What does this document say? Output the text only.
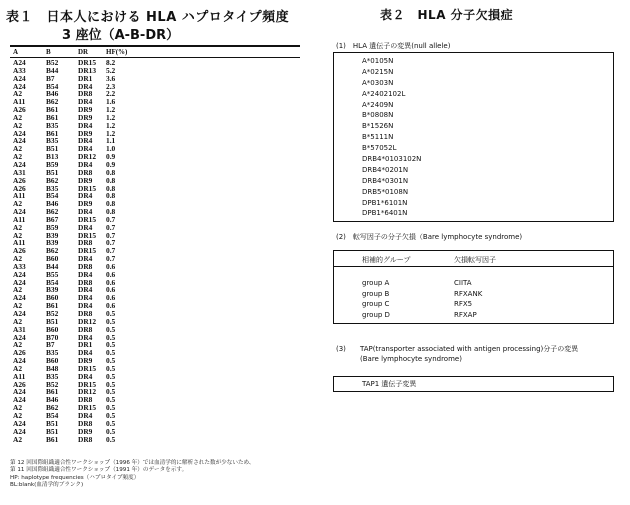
表１　日本人における HLA ハプロタイプ頻度
3 座位（A-B-DR）
A	B	DR	HF(%)
A24	B52	DR15	8.2
A33	B44	DR13	5.2
A24	B7	DR1	3.6
A24	B54	DR4	2.3
A2	B46	DR8	2.2
A11	B62	DR4	1.6
A26	B61	DR9	1.2
A2	B61	DR9	1.2
A2	B35	DR4	1.2
A24	B61	DR9	1.2
A24	B35	DR4	1.1
A2	B51	DR4	1.0
A2	B13	DR12	0.9
A24	B59	DR4	0.9
A31	B51	DR8	0.8
A26	B62	DR9	0.8
A26	B35	DR15	0.8
A11	B54	DR4	0.8
A2	B46	DR9	0.8
A24	B62	DR4	0.8
A11	B67	DR15	0.7
A2	B59	DR4	0.7
A2	B39	DR15	0.7
A11	B39	DR8	0.7
A26	B62	DR15	0.7
A2	B60	DR4	0.7
A33	B44	DR8	0.6
A24	B55	DR4	0.6
A24	B54	DR8	0.6
A2	B39	DR4	0.6
A24	B60	DR4	0.6
A2	B61	DR4	0.6
A24	B52	DR8	0.5
A2	B51	DR12	0.5
A31	B60	DR8	0.5
A24	B70	DR4	0.5
A2	B7	DR1	0.5
A26	B35	DR4	0.5
A24	B60	DR9	0.5
A2	B48	DR15	0.5
A11	B35	DR4	0.5
A26	B52	DR15	0.5
A24	B61	DR12	0.5
A24	B46	DR8	0.5
A2	B62	DR15	0.5
A2	B54	DR4	0.5
A24	B51	DR8	0.5
A24	B51	DR9	0.5
A2	B61	DR8	0.5
第 12 回国際組織適合性ワークショップ（1996 年）では血清学的に解析された数が少ないため、
第 11 回国際組織適合性ワークショップ（1991 年）のデータを示す。
HP: haplotype frequencies（ハプロタイプ頻度）
BL:blank(血清学的ブランク)
表２　HLA 分子欠損症
(1)　HLA 遺伝子の変異(null allele)
A*0105N
A*0215N
A*0303N
A*2402102L
A*2409N
B*0808N
B*1526N
B*5111N
B*57052L
DRB4*0103102N
DRB4*0201N
DRB4*0301N
DRB5*0108N
DPB1*6101N
DPB1*6401N
(2)　転写因子の分子欠損（Bare lymphocyte syndrome)
相補的グループ	欠損転写因子
group A	CIITA
group B	RFXANK
group C	RFX5
group D	RFXAP
(3)	TAP(transporter associated with antigen processing)分子の変異
(Bare lymphocyte syndrome)
TAP1 遺伝子変異
